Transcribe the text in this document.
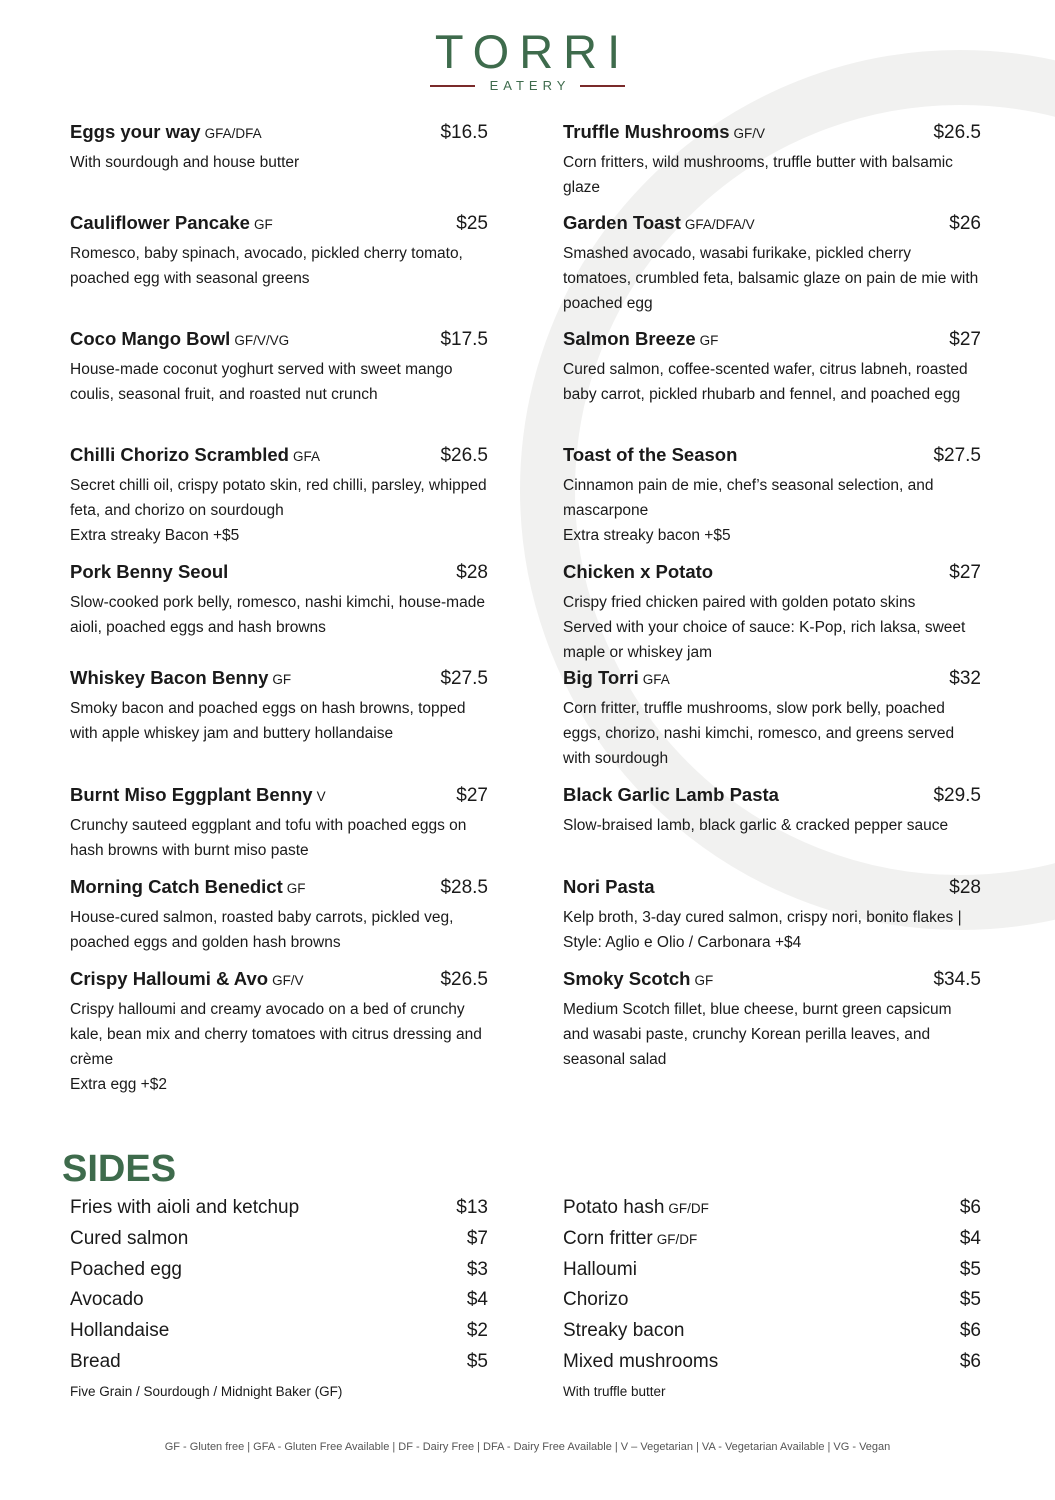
TORRI
EATERY
Eggs your way GFA/DFA	$16.5
With sourdough and house butter
Cauliflower Pancake GF	$25
Romesco, baby spinach, avocado, pickled cherry tomato, poached egg with seasonal greens
Coco Mango Bowl GF/V/VG	$17.5
House-made coconut yoghurt served with sweet mango coulis, seasonal fruit, and roasted nut crunch
Chilli Chorizo Scrambled GFA	$26.5
Secret chilli oil, crispy potato skin, red chilli, parsley, whipped feta, and chorizo on sourdough
Extra streaky Bacon +$5
Pork Benny Seoul	$28
Slow-cooked pork belly, romesco, nashi kimchi, house-made aioli, poached eggs and hash browns
Whiskey Bacon Benny GF	$27.5
Smoky bacon and poached eggs on hash browns, topped with apple whiskey jam and buttery hollandaise
Burnt Miso Eggplant Benny V	$27
Crunchy sauteed eggplant and tofu with poached eggs on hash browns with burnt miso paste
Morning Catch Benedict GF	$28.5
House-cured salmon, roasted baby carrots, pickled veg, poached eggs and golden hash browns
Crispy Halloumi & Avo GF/V	$26.5
Crispy halloumi and creamy avocado on a bed of crunchy kale, bean mix and cherry tomatoes with citrus dressing and crème
Extra egg +$2
Truffle Mushrooms GF/V	$26.5
Corn fritters, wild mushrooms, truffle butter with balsamic glaze
Garden Toast GFA/DFA/V	$26
Smashed avocado, wasabi furikake, pickled cherry tomatoes, crumbled feta, balsamic glaze on pain de mie with poached egg
Salmon Breeze GF	$27
Cured salmon, coffee-scented wafer, citrus labneh, roasted baby carrot, pickled rhubarb and fennel, and poached egg
Toast of the Season	$27.5
Cinnamon pain de mie, chef’s seasonal selection, and mascarpone
Extra streaky bacon +$5
Chicken x Potato	$27
Crispy fried chicken paired with golden potato skins
Served with your choice of sauce: K-Pop, rich laksa, sweet maple or whiskey jam
Big Torri GFA	$32
Corn fritter, truffle mushrooms, slow pork belly, poached eggs, chorizo, nashi kimchi, romesco, and greens served with sourdough
Black Garlic Lamb Pasta	$29.5
Slow-braised lamb, black garlic & cracked pepper sauce
Nori Pasta	$28
Kelp broth, 3-day cured salmon, crispy nori, bonito flakes | Style: Aglio e Olio / Carbonara +$4
Smoky Scotch GF	$34.5
Medium Scotch fillet, blue cheese, burnt green capsicum and wasabi paste, crunchy Korean perilla leaves, and seasonal salad
SIDES
Fries with aioli and ketchup	$13
Cured salmon	$7
Poached egg	$3
Avocado	$4
Hollandaise	$2
Bread	$5
Five Grain / Sourdough / Midnight Baker (GF)
Potato hash GF/DF	$6
Corn fritter GF/DF	$4
Halloumi	$5
Chorizo	$5
Streaky bacon	$6
Mixed mushrooms	$6
With truffle butter
GF - Gluten free | GFA - Gluten Free Available | DF - Dairy Free | DFA - Dairy Free Available | V – Vegetarian | VA - Vegetarian Available | VG - Vegan
